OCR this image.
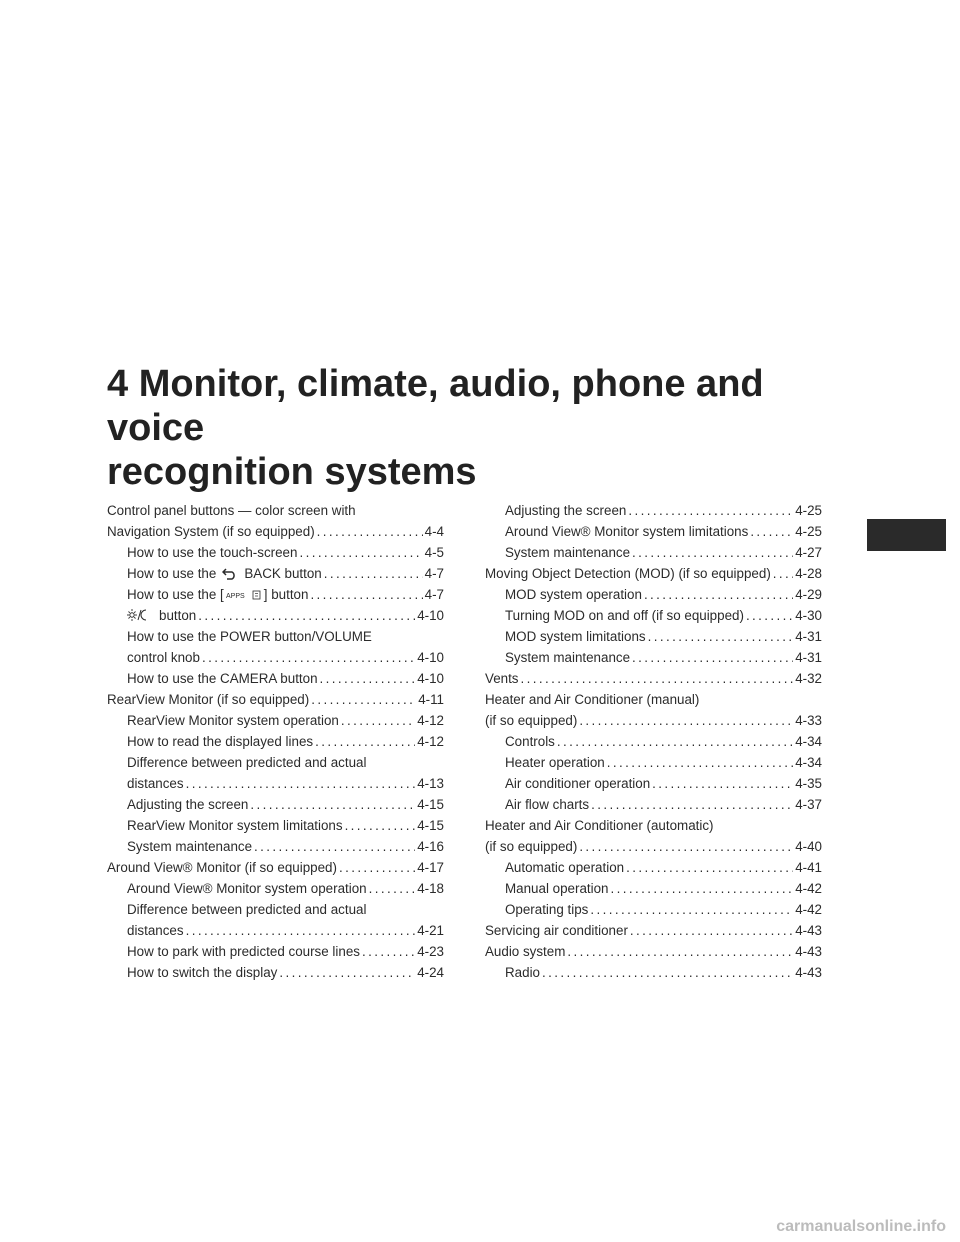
4 Monitor, climate, audio, phone and voice
recognition systems
Control panel buttons — color screen with
Navigation System (if so equipped) .....	4-4
How to use the touch-screen .....	4-5
How to use the BACK button .....	4-7
How to use the [ APPS ] button .....	4-7
button .....	4-10
How to use the POWER button/VOLUME
control knob .....	4-10
How to use the CAMERA button .....	4-10
RearView Monitor (if so equipped) .....	4-11
RearView Monitor system operation .....	4-12
How to read the displayed lines .....	4-12
Difference between predicted and actual
distances .....	4-13
Adjusting the screen .....	4-15
RearView Monitor system limitations .....	4-15
System maintenance .....	4-16
Around View® Monitor (if so equipped) .....	4-17
Around View® Monitor system operation .....	4-18
Difference between predicted and actual
distances .....	4-21
How to park with predicted course lines .....	4-23
How to switch the display .....	4-24
Adjusting the screen .....	4-25
Around View® Monitor system limitations .....	4-25
System maintenance .....	4-27
Moving Object Detection (MOD) (if so equipped) ..... 4-28
MOD system operation .....	4-29
Turning MOD on and off (if so equipped) .....	4-30
MOD system limitations .....	4-31
System maintenance .....	4-31
Vents .....	4-32
Heater and Air Conditioner (manual)
(if so equipped) .....	4-33
Controls .....	4-34
Heater operation .....	4-34
Air conditioner operation .....	4-35
Air flow charts .....	4-37
Heater and Air Conditioner (automatic)
(if so equipped) .....	4-40
Automatic operation .....	4-41
Manual operation .....	4-42
Operating tips .....	4-42
Servicing air conditioner .....	4-43
Audio system .....	4-43
Radio .....	4-43
carmanualsonline.info
